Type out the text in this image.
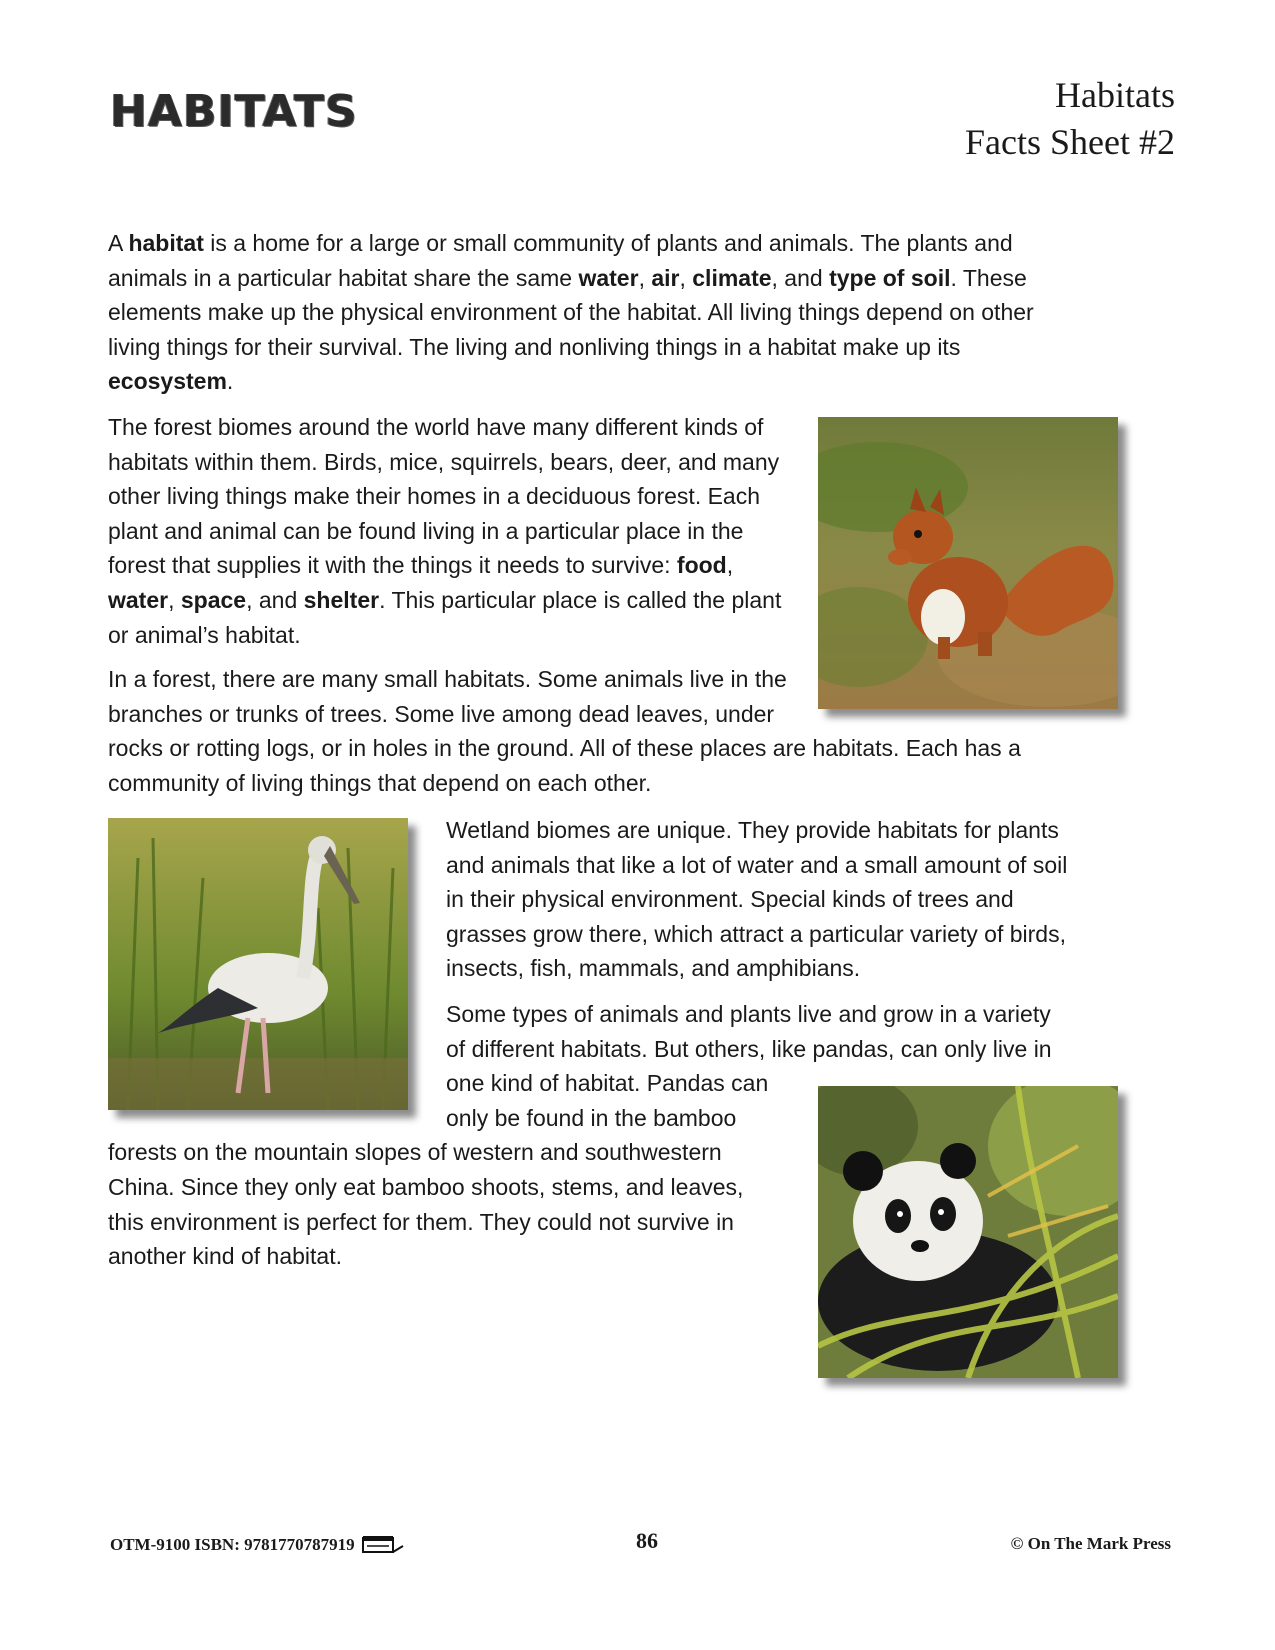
HABITATS	Habitats
Facts Sheet #2

A habitat is a home for a large or small community of plants and animals. The plants and animals in a particular habitat share the same water, air, climate, and type of soil. These elements make up the physical environment of the habitat. All living things depend on other living things for their survival. The living and nonliving things in a habitat make up its ecosystem.

The forest biomes around the world have many different kinds of habitats within them. Birds, mice, squirrels, bears, deer, and many other living things make their homes in a deciduous forest. Each plant and animal can be found living in a particular place in the forest that supplies it with the things it needs to survive: food, water, space, and shelter. This particular place is called the plant or animal’s habitat.

In a forest, there are many small habitats. Some animals live in the
branches or trunks of trees. Some live among dead leaves, under
rocks or rotting logs, or in holes in the ground. All of these places are habitats. Each has a community of living things that depend on each other.

Wetland biomes are unique. They provide habitats for plants and animals that like a lot of water and a small amount of soil in their physical environment. Special kinds of trees and grasses grow there, which attract a particular variety of birds, insects, fish, mammals, and amphibians.

Some types of animals and plants live and grow in a variety
of different habitats. But others, like pandas, can only live in
one kind of habitat. Pandas can
only be found in the bamboo
forests on the mountain slopes of western and southwestern
China. Since they only eat bamboo shoots, stems, and leaves,
this environment is perfect for them. They could not survive in
another kind of habitat.

OTM-9100 ISBN: 9781770787919	86	© On The Mark Press
